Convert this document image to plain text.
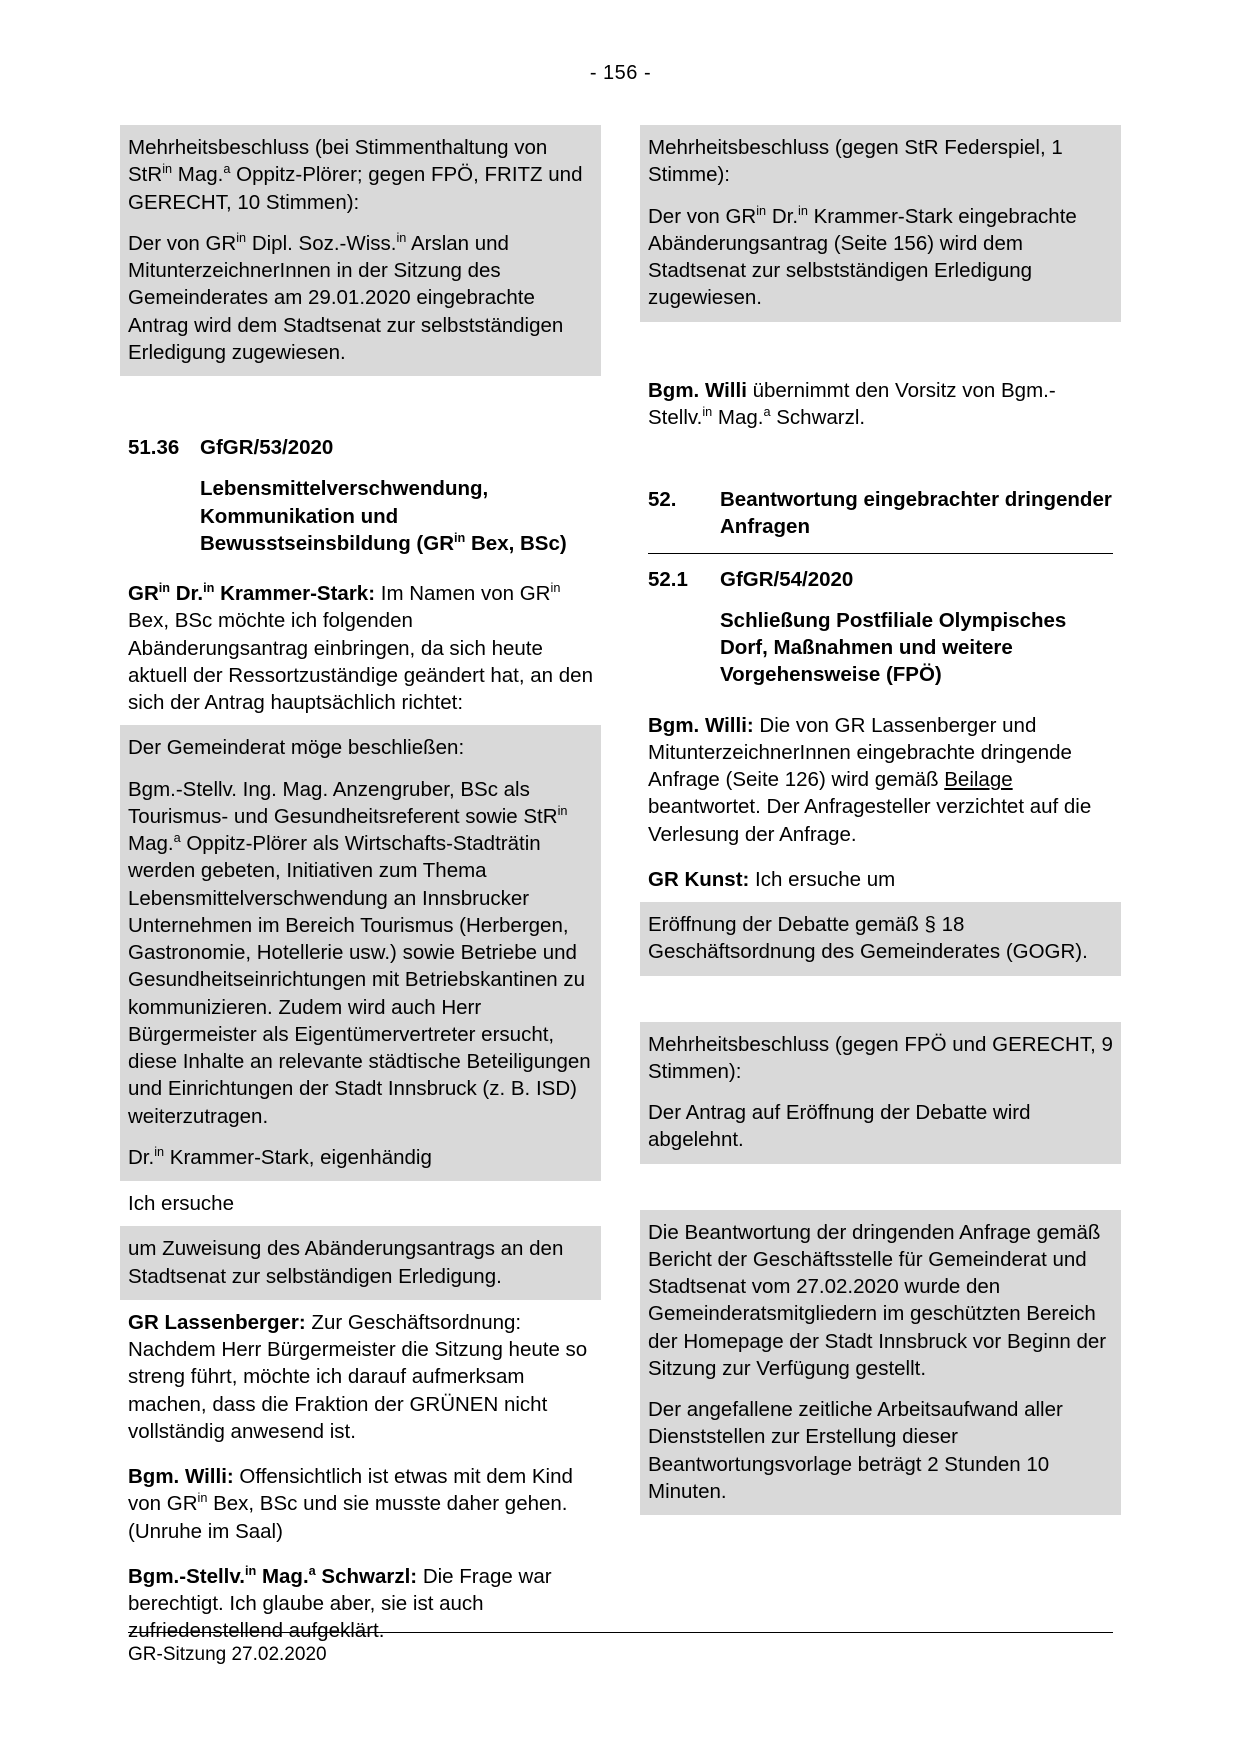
- 156 -

Mehrheitsbeschluss (bei Stimmenthaltung von StR$^{in}$ Mag.$^a$ Oppitz-Plörer; gegen FPÖ, FRITZ und GERECHT, 10 Stimmen):

Der von $GR^{in}$ Dipl. Soz.-Wiss.$^{in}$ Arslan und MitunterzeichnerInnen in der Sitzung des Gemeinderates am 29.01.2020 eingebrachte Antrag wird dem Stadtsenat zur selbstständigen Erledigung zugewiesen.

51.36	GfGR/53/2020
Lebensmittelverschwendung, Kommunikation und Bewusstseinsbildung ($GR^{in}$ Bex, BSc)

$GR^{in}$ Dr.$^{in}$ Krammer-Stark: Im Namen von $GR^{in}$ Bex, BSc möchte ich folgenden Abänderungsantrag einbringen, da sich heute aktuell der Ressortzuständige geändert hat, an den sich der Antrag hauptsächlich richtet:

Der Gemeinderat möge beschließen:

Bgm.-Stellv. Ing. Mag. Anzengruber, BSc als Tourismus- und Gesundheitsreferent sowie StR$^{in}$ Mag.$^a$ Oppitz-Plörer als Wirtschafts-Stadträtin werden gebeten, Initiativen zum Thema Lebensmittelverschwendung an Innsbrucker Unternehmen im Bereich Tourismus (Herbergen, Gastronomie, Hotellerie usw.) sowie Betriebe und Gesundheitseinrichtungen mit Betriebskantinen zu kommunizieren. Zudem wird auch Herr Bürgermeister als Eigentümervertreter ersucht, diese Inhalte an relevante städtische Beteiligungen und Einrichtungen der Stadt Innsbruck (z. B. ISD) weiterzutragen.

Dr.$^{in}$ Krammer-Stark, eigenhändig

Ich ersuche

um Zuweisung des Abänderungsantrags an den Stadtsenat zur selbständigen Erledigung.

GR Lassenberger: Zur Geschäftsordnung: Nachdem Herr Bürgermeister die Sitzung heute so streng führt, möchte ich darauf aufmerksam machen, dass die Fraktion der GRÜNEN nicht vollständig anwesend ist.

Bgm. Willi: Offensichtlich ist etwas mit dem Kind von $GR^{in}$ Bex, BSc und sie musste daher gehen. (Unruhe im Saal)

Bgm.-Stellv.$^{in}$ Mag.$^a$ Schwarzl: Die Frage war berechtigt. Ich glaube aber, sie ist auch zufriedenstellend aufgeklärt.

Mehrheitsbeschluss (gegen StR Federspiel, 1 Stimme):

Der von $GR^{in}$ Dr.$^{in}$ Krammer-Stark eingebrachte Abänderungsantrag (Seite 156) wird dem Stadtsenat zur selbstständigen Erledigung zugewiesen.

Bgm. Willi übernimmt den Vorsitz von Bgm.-Stellv.$^{in}$ Mag.$^a$ Schwarzl.

52.	Beantwortung eingebrachter dringender Anfragen
52.1	GfGR/54/2020
Schließung Postfiliale Olympisches Dorf, Maßnahmen und weitere Vorgehensweise (FPÖ)

Bgm. Willi: Die von GR Lassenberger und MitunterzeichnerInnen eingebrachte dringende Anfrage (Seite 126) wird gemäß Beilage beantwortet. Der Anfragesteller verzichtet auf die Verlesung der Anfrage.

GR Kunst: Ich ersuche um

Eröffnung der Debatte gemäß § 18 Geschäftsordnung des Gemeinderates (GOGR).

Mehrheitsbeschluss (gegen FPÖ und GERECHT, 9 Stimmen):

Der Antrag auf Eröffnung der Debatte wird abgelehnt.

Die Beantwortung der dringenden Anfrage gemäß Bericht der Geschäftsstelle für Gemeinderat und Stadtsenat vom 27.02.2020 wurde den Gemeinderatsmitgliedern im geschützten Bereich der Homepage der Stadt Innsbruck vor Beginn der Sitzung zur Verfügung gestellt.

Der angefallene zeitliche Arbeitsaufwand aller Dienststellen zur Erstellung dieser Beantwortungsvorlage beträgt 2 Stunden 10 Minuten.

GR-Sitzung 27.02.2020
